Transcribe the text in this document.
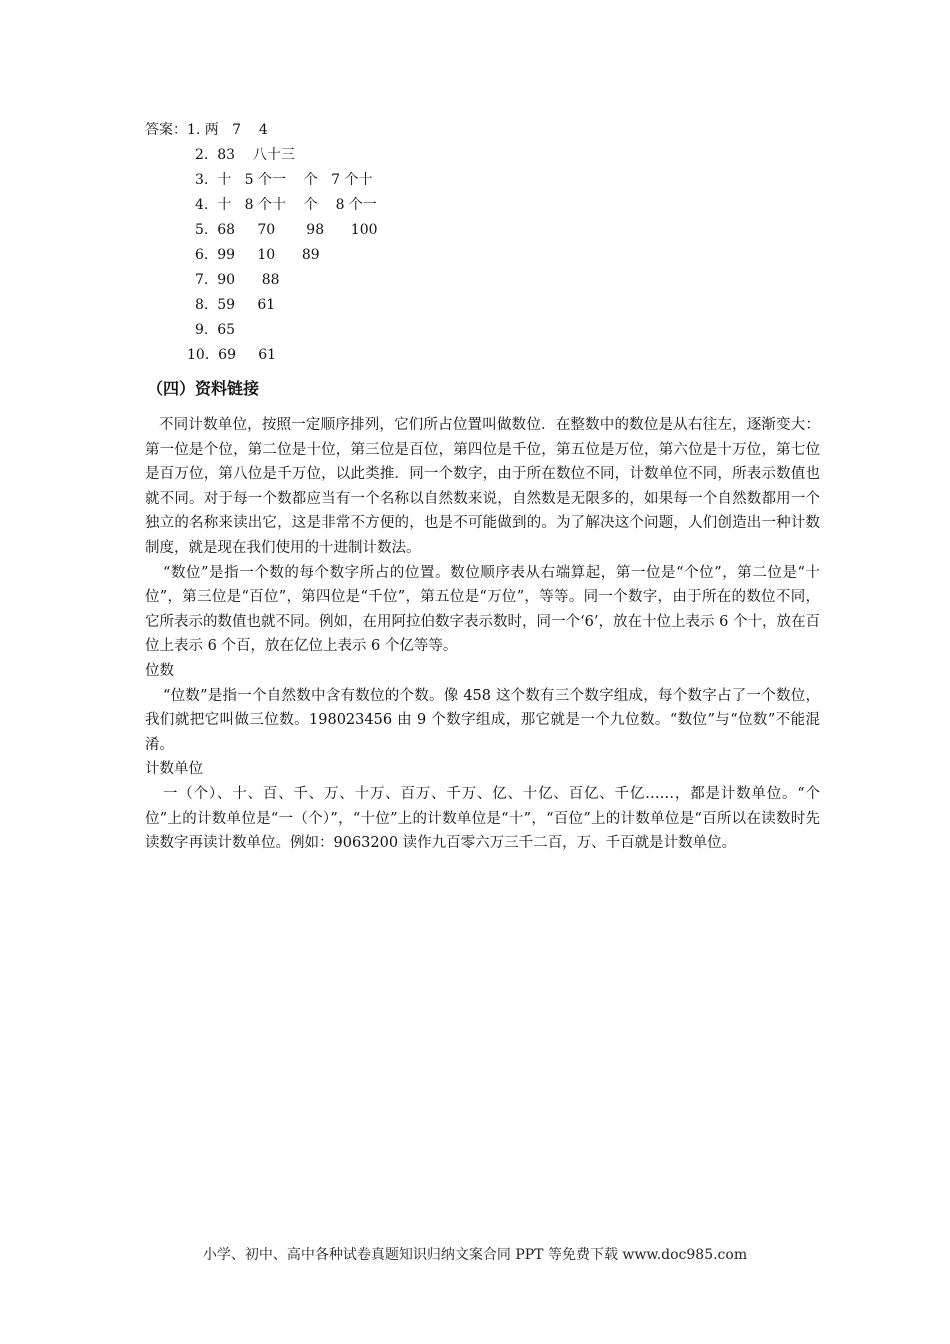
答案：1. 两   7    4
2.  83    八十三
3.  十   5 个一    个   7 个十
4.  十   8 个十    个    8 个一
5.  68     70       98      100
6.  99     10      89
7.  90      88
8.  59     61
9.  65
10.  69     61
（四）资料链接

不同计数单位，按照一定顺序排列，它们所占位置叫做数位．在整数中的数位是从右往左，逐渐变大：第一位是个位，第二位是十位，第三位是百位，第四位是千位，第五位是万位，第六位是十万位，第七位是百万位，第八位是千万位，以此类推．同一个数字，由于所在数位不同，计数单位不同，所表示数值也就不同。对于每一个数都应当有一个名称以自然数来说，自然数是无限多的，如果每一个自然数都用一个独立的名称来读出它，这是非常不方便的，也是不可能做到的。为了解决这个问题，人们创造出一种计数制度，就是现在我们使用的十进制计数法。

“数位”是指一个数的每个数字所占的位置。数位顺序表从右端算起，第一位是“个位”，第二位是“十位”，第三位是“百位”，第四位是“千位”，第五位是“万位”，等等。同一个数字，由于所在的数位不同，它所表示的数值也就不同。例如，在用阿拉伯数字表示数时，同一个‘6’，放在十位上表示 6 个十，放在百位上表示 6 个百，放在亿位上表示 6 个亿等等。

位数

“位数”是指一个自然数中含有数位的个数。像 458 这个数有三个数字组成，每个数字占了一个数位，我们就把它叫做三位数。198023456 由 9 个数字组成，那它就是一个九位数。“数位”与“位数”不能混淆。

计数单位

一（个）、十、百、千、万、十万、百万、千万、亿、十亿、百亿、千亿……，都是计数单位。“个位”上的计数单位是“一（个）”，“十位”上的计数单位是“十”，“百位”上的计数单位是“百所以在读数时先读数字再读计数单位。例如：9063200 读作九百零六万三千二百，万、千百就是计数单位。

小学、初中、高中各种试卷真题知识归纳文案合同 PPT 等免费下载 www.doc985.com
